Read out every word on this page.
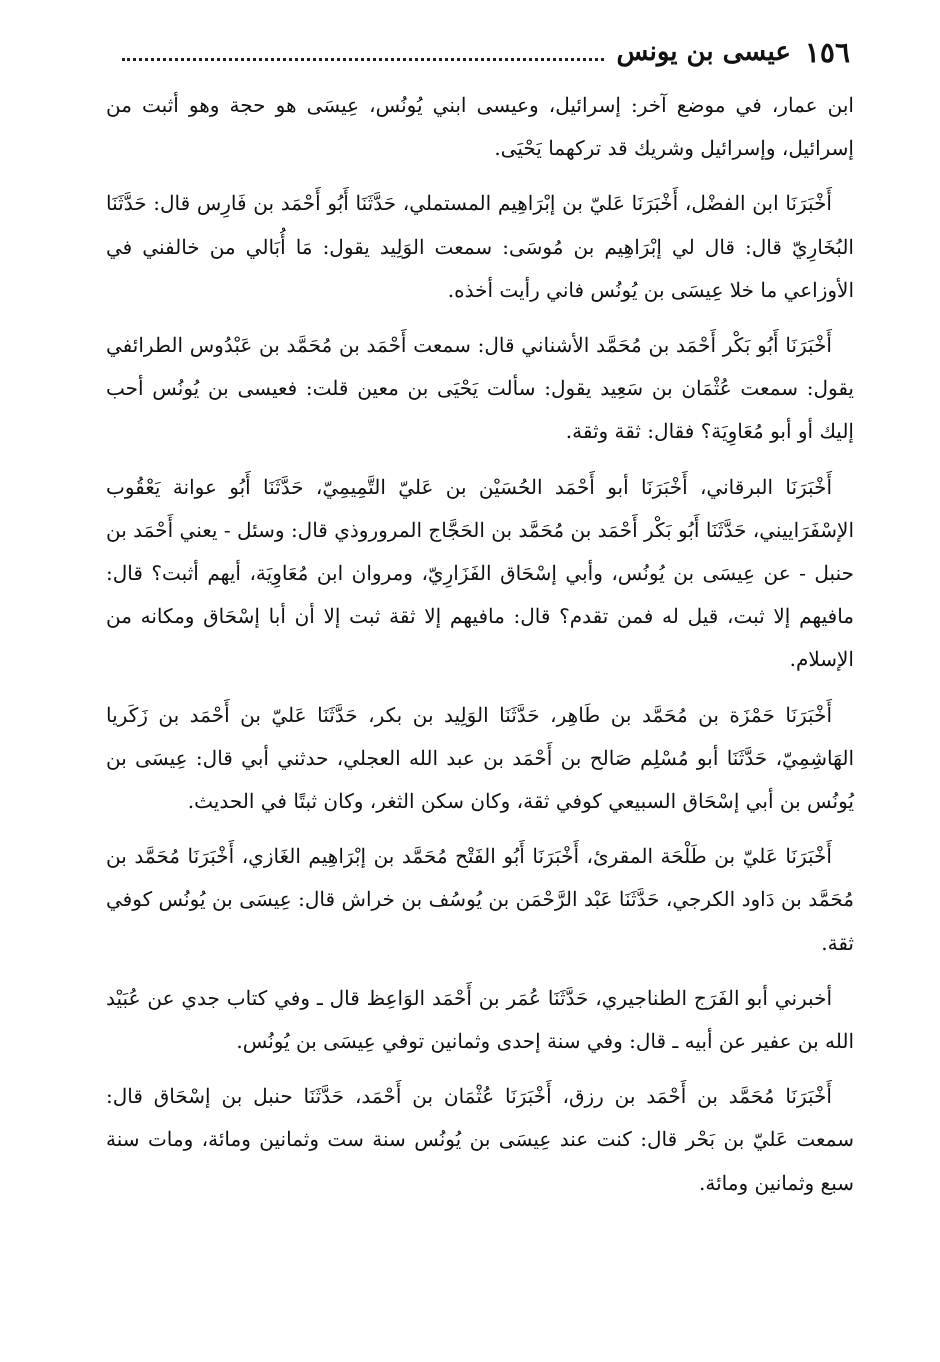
١٥٦
عيسى بن يونس

ابن عمار، في موضع آخر: إسرائيل، وعيسى ابني يُونُس، عِيسَى هو حجة وهو أثبت من إسرائيل، وإسرائيل وشريك قد تركهما يَحْيَى.

أَخْبَرَنَا ابن الفضْل، أَخْبَرَنَا عَليّ بن إبْرَاهِيم المستملي، حَدَّثَنَا أَبُو أَحْمَد بن فَارِس قال: حَدَّثَنَا البُخَارِيّ قال: قال لي إبْرَاهِيم بن مُوسَى: سمعت الوَلِيد يقول: مَا أُبَالي من خالفني في الأوزاعي ما خلا عِيسَى بن يُونُس فاني رأيت أخذه.

أَخْبَرَنَا أَبُو بَكْر أَحْمَد بن مُحَمَّد الأشناني قال: سمعت أَحْمَد بن مُحَمَّد بن عَبْدُوس الطرائفي يقول: سمعت عُثْمَان بن سَعِيد يقول: سألت يَحْيَى بن معين قلت: فعيسى بن يُونُس أحب إليك أو أبو مُعَاوِيَة؟ فقال: ثقة وثقة.

أَخْبَرَنَا البرقاني، أَخْبَرَنَا أبو أَحْمَد الحُسَيْن بن عَليّ التَّمِيمِيّ، حَدَّثَنَا أَبُو عوانة يَعْقُوب الإسْفَرَاييني، حَدَّثَنَا أَبُو بَكْر أَحْمَد بن مُحَمَّد بن الحَجَّاج المروروذي قال: وسئل - يعني أَحْمَد بن حنبل - عن عِيسَى بن يُونُس، وأبي إسْحَاق الفَزَارِيّ، ومروان ابن مُعَاوِيَة، أيهم أثبت؟ قال: مافيهم إلا ثبت، قيل له فمن تقدم؟ قال: مافيهم إلا ثقة ثبت إلا أن أبا إسْحَاق ومكانه من الإسلام.

أَخْبَرَنَا حَمْزَة بن مُحَمَّد بن طَاهِر، حَدَّثَنَا الوَلِيد بن بكر، حَدَّثَنَا عَليّ بن أَحْمَد بن زَكَريا الهَاشِمِيّ، حَدَّثَنَا أبو مُسْلِم صَالح بن أَحْمَد بن عبد الله العجلي، حدثني أبي قال: عِيسَى بن يُونُس بن أبي إسْحَاق السبيعي كوفي ثقة، وكان سكن الثغر، وكان ثبتًا في الحديث.

أَخْبَرَنَا عَليّ بن طَلْحَة المقرئ، أَخْبَرَنَا أَبُو الفَتْح مُحَمَّد بن إبْرَاهِيم الغَازي، أَخْبَرَنَا مُحَمَّد بن مُحَمَّد بن دَاود الكرجي، حَدَّثَنَا عَبْد الرَّحْمَن بن يُوسُف بن خراش قال: عِيسَى بن يُونُس كوفي ثقة.

أخبرني أبو الفَرَج الطناجيري، حَدَّثَنَا عُمَر بن أَحْمَد الوَاعِظ قال ـ وفي كتاب جدي عن عُبَيْد الله بن عفير عن أبيه ـ قال: وفي سنة إحدى وثمانين توفي عِيسَى بن يُونُس.

أَخْبَرَنَا مُحَمَّد بن أَحْمَد بن رزق، أَخْبَرَنَا عُثْمَان بن أَحْمَد، حَدَّثَنَا حنبل بن إسْحَاق قال: سمعت عَليّ بن بَحْر قال: كنت عند عِيسَى بن يُونُس سنة ست وثمانين ومائة، ومات سنة سبع وثمانين ومائة.
